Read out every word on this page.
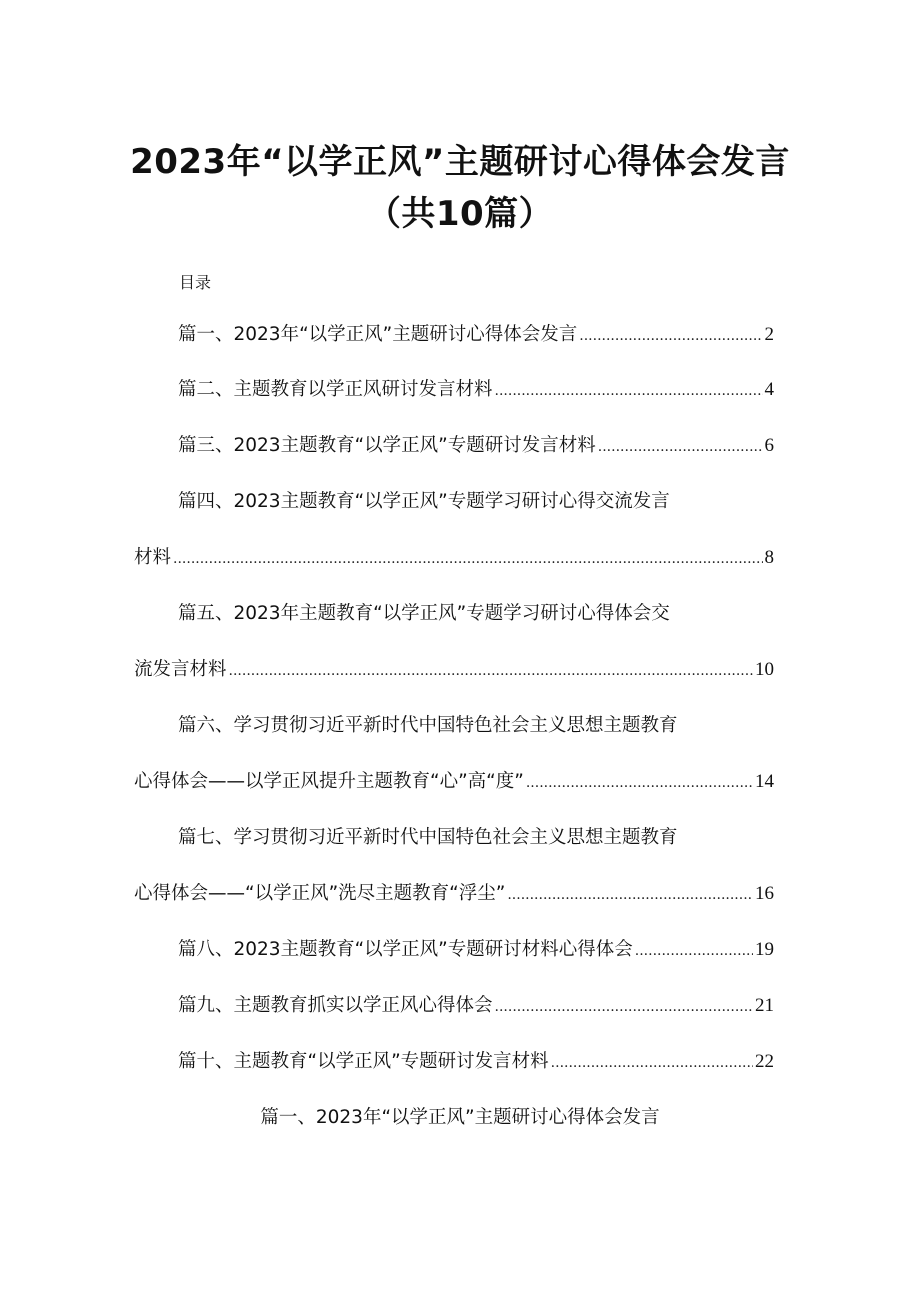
2023年“以学正风”主题研讨心得体会发言
（共10篇）
目录
篇一、2023年“以学正风”主题研讨心得体会发言 .....	2
篇二、主题教育以学正风研讨发言材料 .....	4
篇三、2023主题教育“以学正风”专题研讨发言材料 .....	6
篇四、2023主题教育“以学正风”专题学习研讨心得交流发言
材料 .....	8
篇五、2023年主题教育“以学正风”专题学习研讨心得体会交
流发言材料 .....	10
篇六、学习贯彻习近平新时代中国特色社会主义思想主题教育
心得体会——以学正风提升主题教育“心”高“度” .....	14
篇七、学习贯彻习近平新时代中国特色社会主义思想主题教育
心得体会——“以学正风”洗尽主题教育“浮尘” .....	16
篇八、2023主题教育“以学正风”专题研讨材料心得体会 .....	19
篇九、主题教育抓实以学正风心得体会 .....	21
篇十、主题教育“以学正风”专题研讨发言材料 .....	22
篇一、2023年“以学正风”主题研讨心得体会发言
